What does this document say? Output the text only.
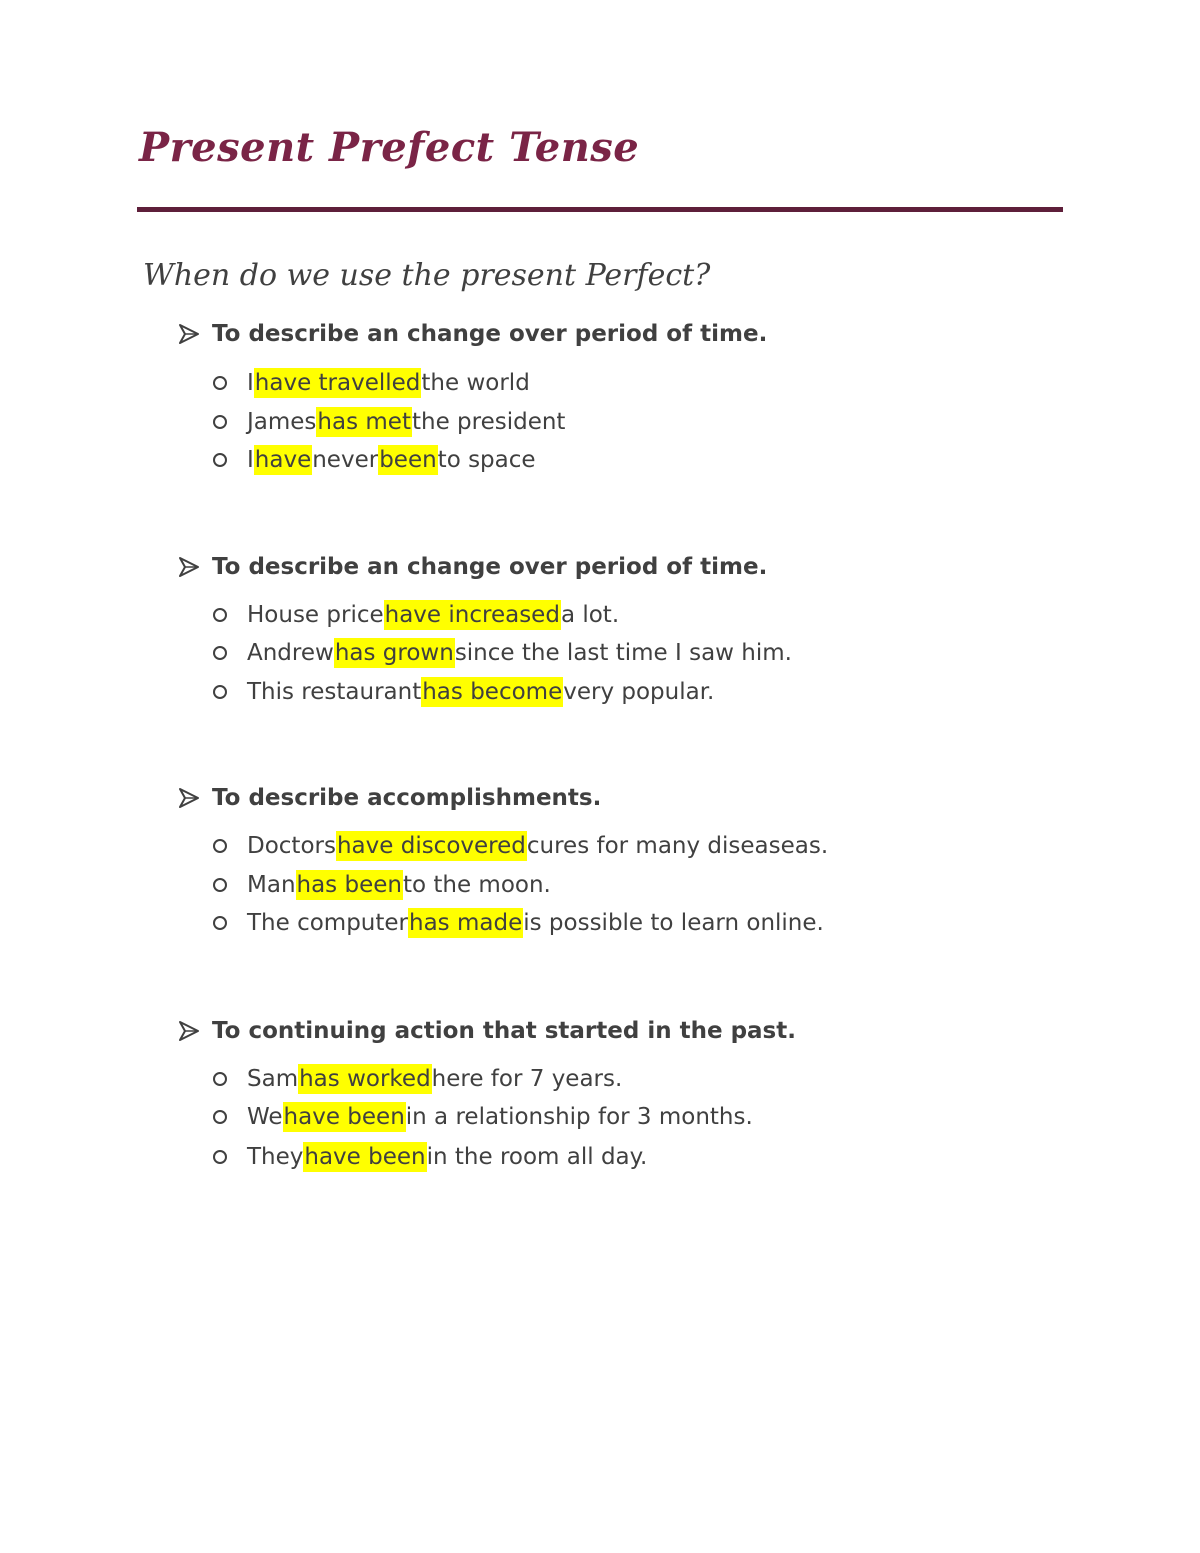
Present Prefect Tense
When do we use the present Perfect?
To describe an change over period of time.
I have travelled the world
James has met the president
I have never been to space
To describe an change over period of time.
House price have increased a lot.
Andrew has grown since the last time I saw him.
This restaurant has become very popular.
To describe accomplishments.
Doctors have discovered cures for many diseaseas.
Man has been to the moon.
The computer has made is possible to learn online.
To continuing action that started in the past.
Sam has worked here for 7 years.
We have been in a relationship for 3 months.
They have been in the room all day.
